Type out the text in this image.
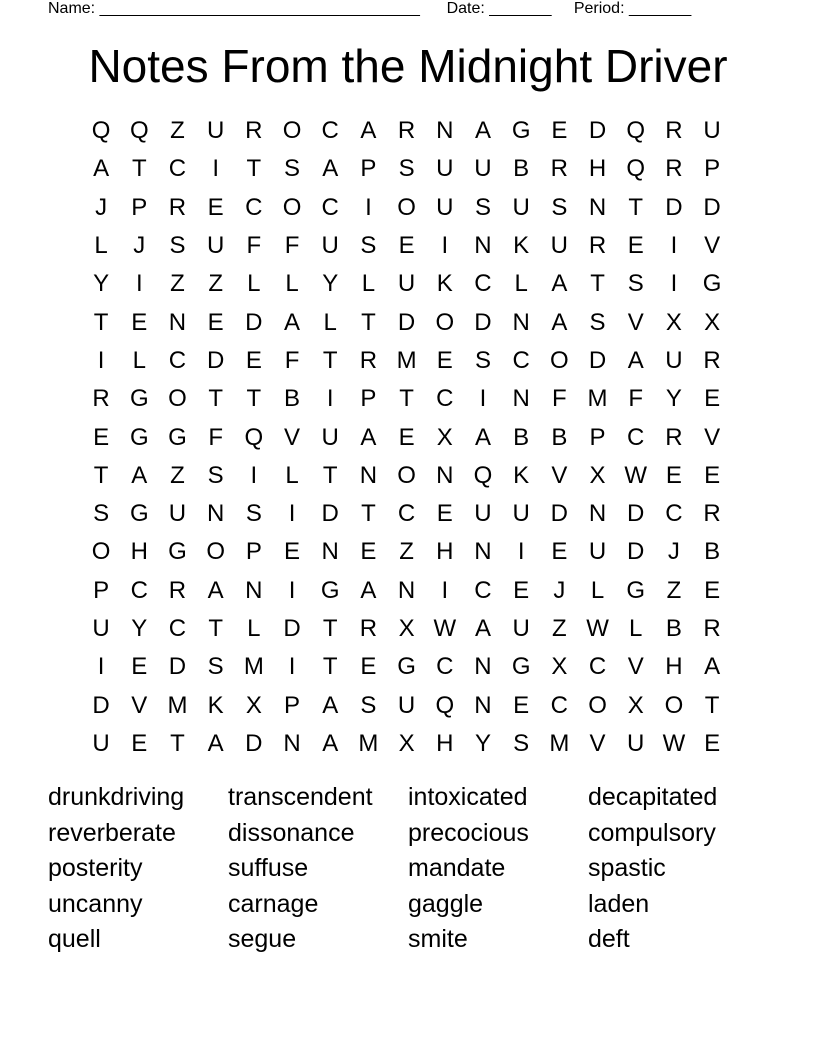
Name: ____________________________________ Date: _______ Period: _______
Notes From the Midnight Driver
Q Q Z U R O C A R N A G E D Q R U
A T C	I	T S A P S U U B R H Q R P
J	P R E C O C	I	O U S U S N T D D
L	J	S U F F U S E	I	N K U R E	I	V
Y	I	Z Z	L	L Y L U K C L A T S	I	G
T E N E D A L	T D O D N A S V X X
I	L C D E F T R M E S C O D A U R
R G O T T B	I	P T C	I	N F M F Y E
E G G F Q V U A E X A B B P C R V
T A Z S	I	L	T N O N Q K V X W E E
S G U N S	I	D T C E U U D N D C R
O H G O P E N E Z H N	I	E U D J	B
P C R A N	I	G A N	I	C E	J	L G Z E
U Y C T	L D T R X W A U Z W L B R
I	E D S M	I	T E G C N G X C V H A
D V M K X P A S U Q N E C O X O T
U E T A D N A M X H Y S M V U W E
drunkdriving	transcendent	intoxicated	decapitated
reverberate	dissonance	precocious	compulsory
posterity	suffuse	mandate	spastic
uncanny	carnage	gaggle	laden
quell	segue	smite	deft
